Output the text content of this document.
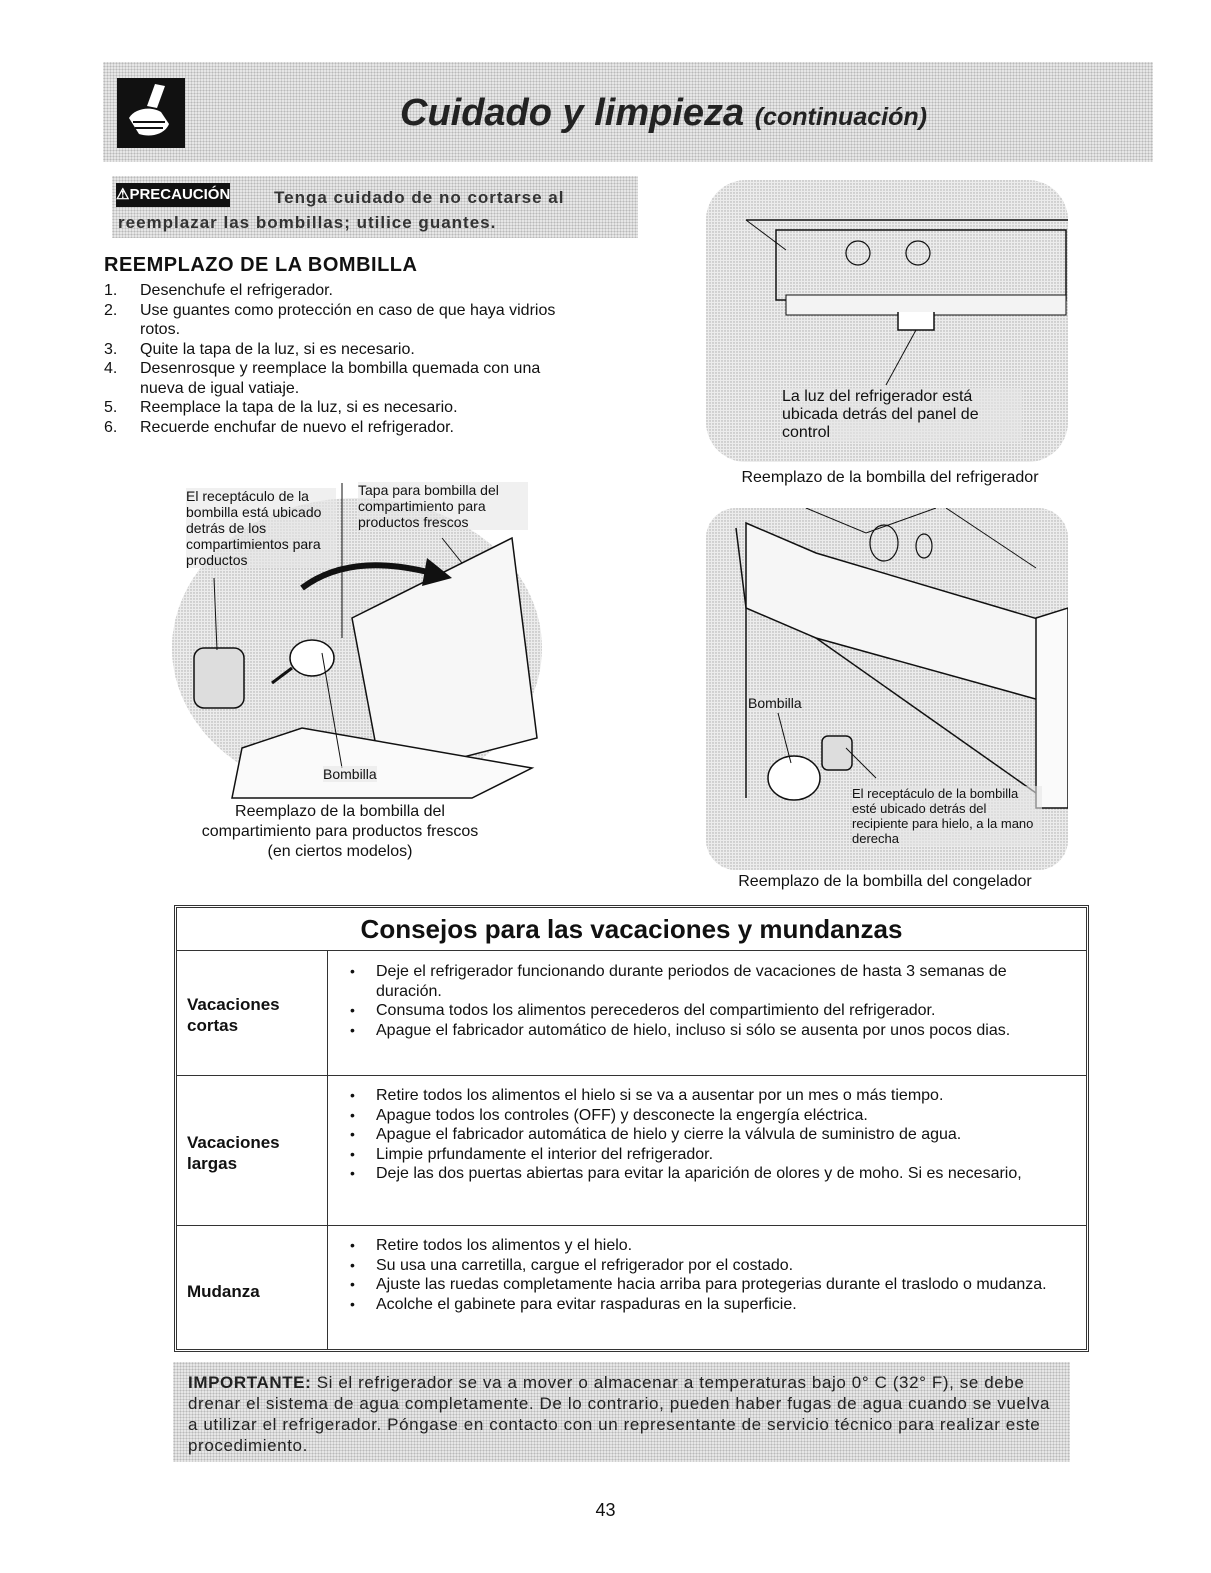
Cuidado y limpieza (continuación)
⚠PRECAUCIÓN	Tenga cuidado de no cortarse al
reemplazar las bombillas; utilice guantes.
REEMPLAZO DE LA BOMBILLA
1. Desenchufe el refrigerador.
2. Use guantes como protección en caso de que haya vidrios rotos.
3. Quite la tapa de la luz, si es necesario.
4. Desenrosque y reemplace la bombilla quemada con una nueva de igual vatiaje.
5. Reemplace la tapa de la luz, si es necesario.
6. Recuerde enchufar de nuevo el refrigerador.
El receptáculo de la bombilla está ubicado detrás de los compartimientos para productos
Tapa para bombilla del compartimiento para productos frescos
Bombilla
Reemplazo de la bombilla del
compartimiento para productos frescos
(en ciertos modelos)
La luz del refrigerador está ubicada detrás del panel de control
Reemplazo de la bombilla del refrigerador
Bombilla
El receptáculo de la bombilla esté ubicado detrás del recipiente para hielo, a la mano derecha
Reemplazo de la bombilla del congelador
Consejos para las vacaciones y mundanzas
Vacaciones
cortas
• Deje el refrigerador funcionando durante periodos de vacaciones de hasta 3 semanas de duración.
• Consuma todos los alimentos perecederos del compartimiento del refrigerador.
• Apague el fabricador automático de hielo, incluso si sólo se ausenta por unos pocos dias.
Vacaciones
largas
• Retire todos los alimentos el hielo si se va a ausentar por un mes o más tiempo.
• Apague todos los controles (OFF) y desconecte la engergía eléctrica.
• Apague el fabricador automática de hielo y cierre la válvula de suministro de agua.
• Limpie prfundamente el interior del refrigerador.
• Deje las dos puertas abiertas para evitar la aparición de olores y de moho. Si es necesario,
Mudanza
• Retire todos los alimentos y el hielo.
• Su usa una carretilla, cargue el refrigerador por el costado.
• Ajuste las ruedas completamente hacia arriba para protegerias durante el traslodo o mudanza.
• Acolche el gabinete para evitar raspaduras en la superficie.
IMPORTANTE: Si el refrigerador se va a mover o almacenar a temperaturas bajo 0° C (32° F), se debe drenar el sistema de agua completamente. De lo contrario, pueden haber fugas de agua cuando se vuelva a utilizar el refrigerador. Póngase en contacto con un representante de servicio técnico para realizar este procedimiento.
43
